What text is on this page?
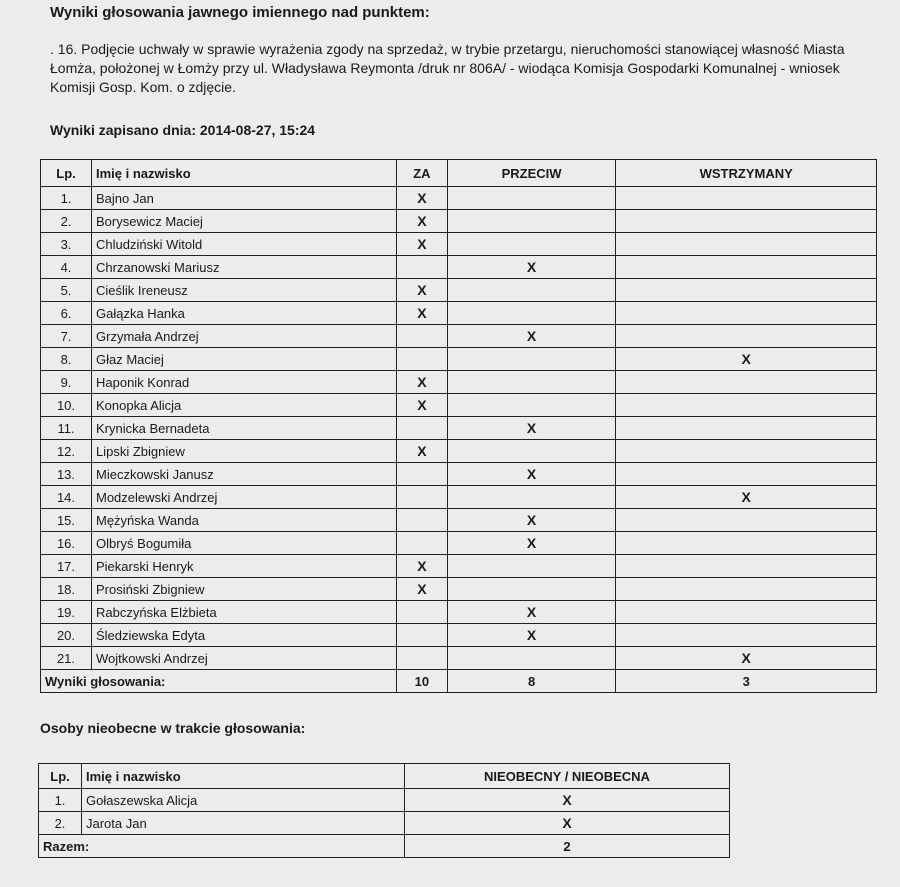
Wyniki głosowania jawnego imiennego nad punktem:
. 16. Podjęcie uchwały w sprawie wyrażenia zgody na sprzedaż, w trybie przetargu, nieruchomości stanowiącej własność Miasta Łomża, położonej w Łomży przy ul. Władysława Reymonta /druk nr 806A/ - wiodąca Komisja Gospodarki Komunalnej - wniosek Komisji Gosp. Kom. o zdjęcie.
Wyniki zapisano dnia: 2014-08-27, 15:24
Lp.	Imię i nazwisko	ZA	PRZECIW	WSTRZYMANY
1.	Bajno Jan	X		
2.	Borysewicz Maciej	X		
3.	Chludziński Witold	X		
4.	Chrzanowski Mariusz		X	
5.	Cieślik Ireneusz	X		
6.	Gałązka Hanka	X		
7.	Grzymała Andrzej		X	
8.	Głaz Maciej			X
9.	Haponik Konrad	X		
10.	Konopka Alicja	X		
11.	Krynicka Bernadeta		X	
12.	Lipski Zbigniew	X		
13.	Mieczkowski Janusz		X	
14.	Modzelewski Andrzej			X
15.	Mężyńska Wanda		X	
16.	Olbryś Bogumiła		X	
17.	Piekarski Henryk	X		
18.	Prosiński Zbigniew	X		
19.	Rabczyńska Elżbieta		X	
20.	Śledziewska Edyta		X	
21.	Wojtkowski Andrzej			X
Wyniki głosowania:		10	8	3
Osoby nieobecne w trakcie głosowania:
Lp.	Imię i nazwisko	NIEOBECNY / NIEOBECNA
1.	Gołaszewska Alicja	X
2.	Jarota Jan	X
Razem:		2
